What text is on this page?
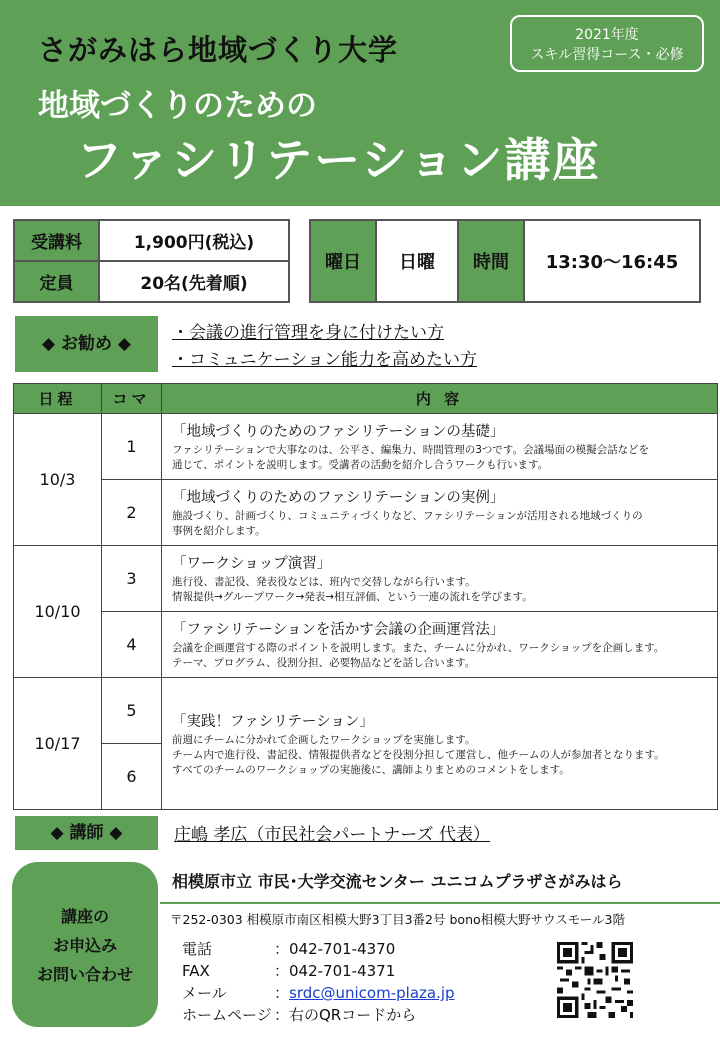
さがみはら地域づくり大学
地域づくりのための
ファシリテーション講座
2021年度
スキル習得コース・必修
受講料	1,900円(税込)
定員	20名(先着順)
曜日	日曜	時間	13:30〜16:45
◆ お勧め ◆
・会議の進行管理を身に付けたい方
・コミュニケーション能力を高めたい方
日程	コマ	内 容
10/3	1	「地域づくりのためのファシリテーションの基礎」
ファシリテーションで大事なのは、公平さ、編集力、時間管理の3つです。会議場面の模擬会話などを
通じて、ポイントを説明します。受講者の活動を紹介し合うワークも行います。

	2	「地域づくりのためのファシリテーションの実例」
施設づくり、計画づくり、コミュニティづくりなど、ファシリテーションが活用される地域づくりの
事例を紹介します。

10/10	3	「ワークショップ演習」
進行役、書記役、発表役などは、班内で交替しながら行います。
情報提供→グループワーク→発表→相互評価、という一連の流れを学びます。

	4	「ファシリテーションを活かす会議の企画運営法」
会議を企画運営する際のポイントを説明します。また、チームに分かれ、ワークショップを企画します。
テーマ、プログラム、役割分担、必要物品などを話し合います。

10/17	5	「実践！ファシリテーション」
前週にチームに分かれて企画したワークショップを実施します。
チーム内で進行役、書記役、情報提供者などを役割分担して運営し、他チームの人が参加者となります。
すべてのチームのワークショップの実施後に、講師よりまとめのコメントをします。

	6	
◆ 講師 ◆	庄嶋 孝広（市民社会パートナーズ 代表）
講座の
お申込み
お問い合わせ
相模原市立 市民･大学交流センター ユニコムプラザさがみはら
〒252-0303 相模原市南区相模大野3丁目3番2号 bono相模大野サウスモール3階
電話	：042-701-4370
FAX	：042-701-4371
メール	： srdc@unicom-plaza.jp
ホームページ ：右のQRコードから
